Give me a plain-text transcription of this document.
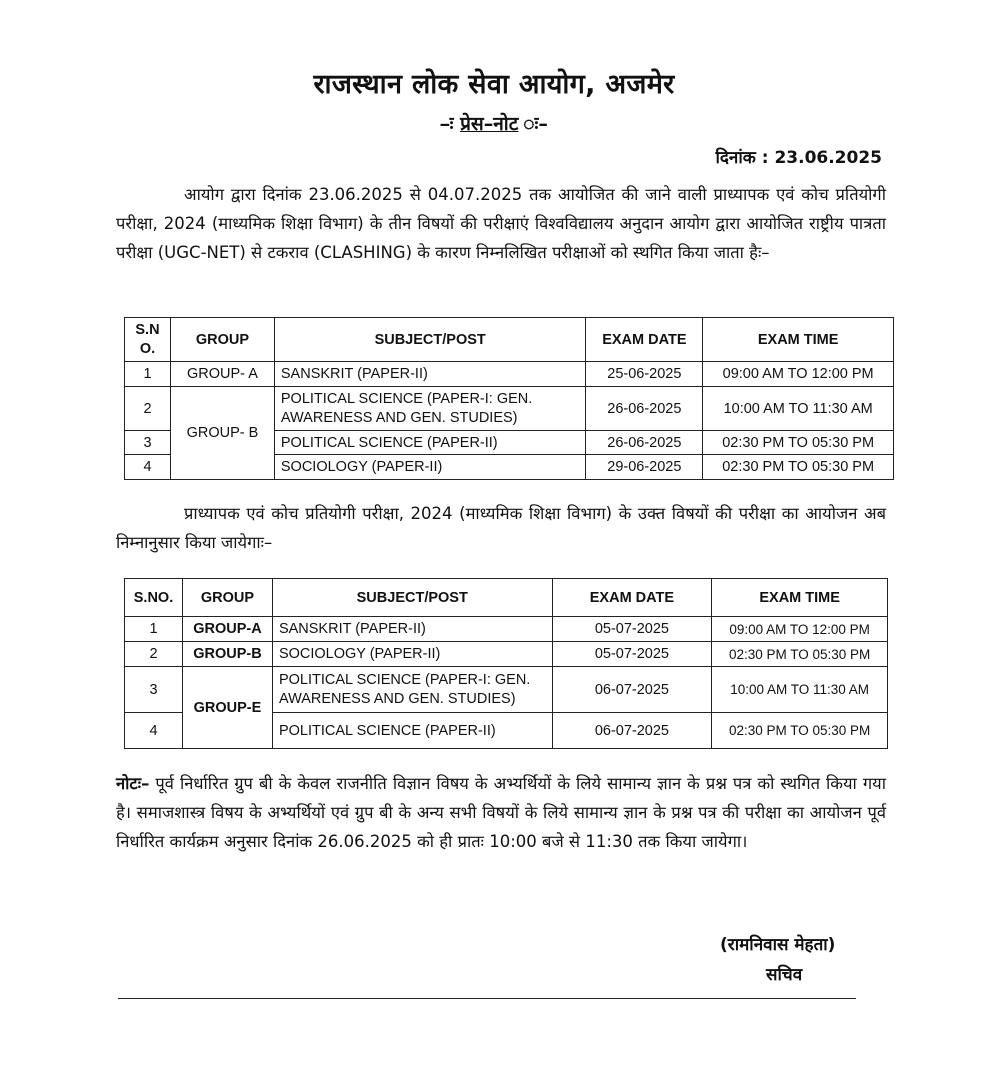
राजस्थान लोक सेवा आयोग, अजमेर
–ः प्रेस–नोट ः–
दिनांक : 23.06.2025
आयोग द्वारा दिनांक 23.06.2025 से 04.07.2025 तक आयोजित की जाने वाली प्राध्यापक एवं कोच प्रतियोगी परीक्षा, 2024 (माध्यमिक शिक्षा विभाग) के तीन विषयों की परीक्षाएं विश्वविद्यालय अनुदान आयोग द्वारा आयोजित राष्ट्रीय पात्रता परीक्षा (UGC-NET) से टकराव (CLASHING) के कारण निम्नलिखित परीक्षाओं को स्थगित किया जाता हैः–
S.N O.	GROUP	SUBJECT/POST	EXAM DATE	EXAM TIME
1	GROUP- A	SANSKRIT (PAPER-II)	25-06-2025	09:00 AM TO 12:00 PM
2	GROUP- B	POLITICAL SCIENCE (PAPER-I: GEN. AWARENESS AND GEN. STUDIES)	26-06-2025	10:00 AM TO 11:30 AM
3		POLITICAL SCIENCE (PAPER-II)	26-06-2025	02:30 PM TO 05:30 PM
4		SOCIOLOGY (PAPER-II)	29-06-2025	02:30 PM TO 05:30 PM
प्राध्यापक एवं कोच प्रतियोगी परीक्षा, 2024 (माध्यमिक शिक्षा विभाग) के उक्त विषयों की परीक्षा का आयोजन अब निम्नानुसार किया जायेगाः–
S.NO.	GROUP	SUBJECT/POST	EXAM DATE	EXAM TIME
1	GROUP-A	SANSKRIT (PAPER-II)	05-07-2025	09:00 AM TO 12:00 PM
2	GROUP-B	SOCIOLOGY (PAPER-II)	05-07-2025	02:30 PM TO 05:30 PM
3	GROUP-E	POLITICAL SCIENCE (PAPER-I: GEN. AWARENESS AND GEN. STUDIES)	06-07-2025	10:00 AM TO 11:30 AM
4		POLITICAL SCIENCE (PAPER-II)	06-07-2025	02:30 PM TO 05:30 PM
नोटः– पूर्व निर्धारित ग्रुप बी के केवल राजनीति विज्ञान विषय के अभ्यर्थियों के लिये सामान्य ज्ञान के प्रश्न पत्र को स्थगित किया गया है। समाजशास्त्र विषय के अभ्यर्थियों एवं ग्रुप बी के अन्य सभी विषयों के लिये सामान्य ज्ञान के प्रश्न पत्र की परीक्षा का आयोजन पूर्व निर्धारित कार्यक्रम अनुसार दिनांक 26.06.2025 को ही प्रातः 10:00 बजे से 11:30 तक किया जायेगा।
(रामनिवास मेहता)
सचिव
